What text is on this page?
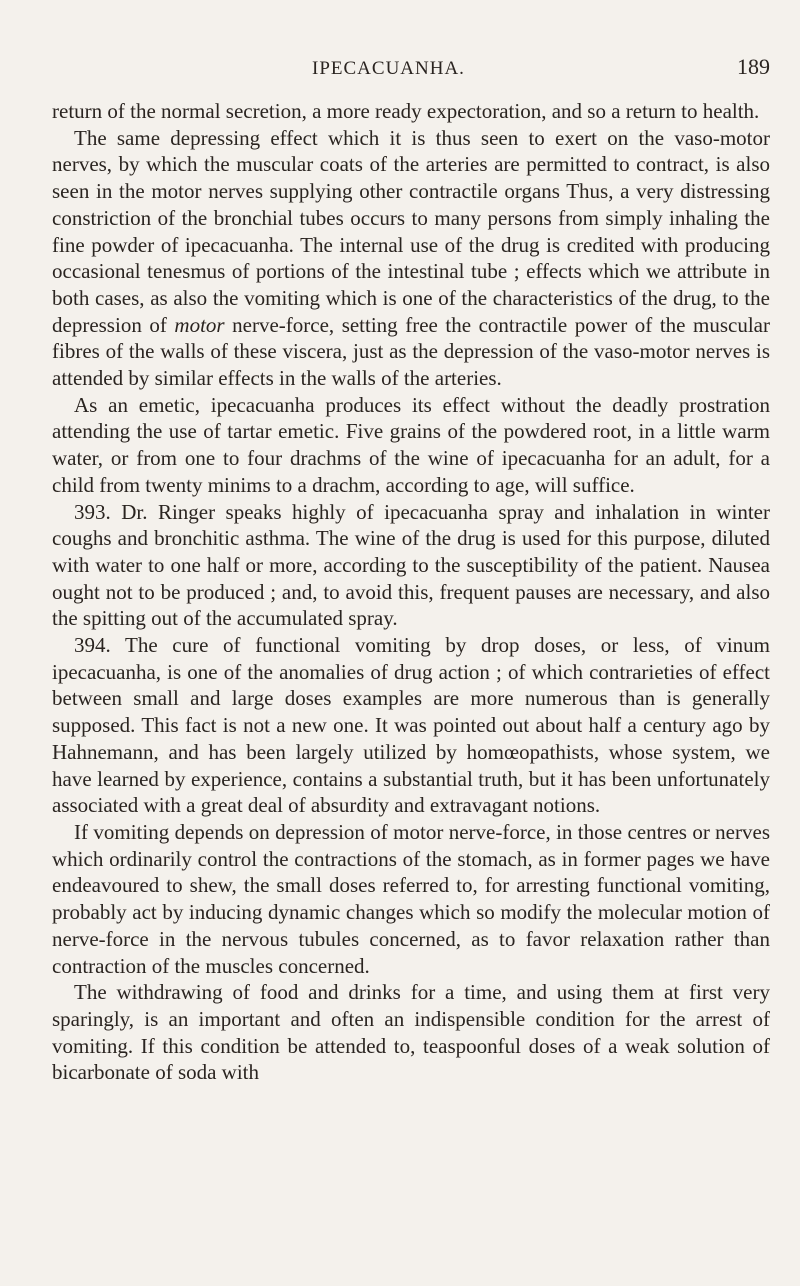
IPECACUANHA.	189

return of the normal secretion, a more ready expectoration, and so a return to health.

The same depressing effect which it is thus seen to exert on the vaso-motor nerves, by which the muscular coats of the arteries are permitted to contract, is also seen in the motor nerves supplying other contractile organs Thus, a very distressing constriction of the bronchial tubes occurs to many persons from simply inhaling the fine powder of ipecacuanha. The internal use of the drug is credited with producing occasional tenesmus of portions of the intestinal tube ; effects which we attribute in both cases, as also the vomiting which is one of the characteristics of the drug, to the depression of motor nerve-force, setting free the contractile power of the muscular fibres of the walls of these viscera, just as the depression of the vaso-motor nerves is attended by similar effects in the walls of the arteries.

As an emetic, ipecacuanha produces its effect without the deadly prostration attending the use of tartar emetic. Five grains of the powdered root, in a little warm water, or from one to four drachms of the wine of ipecacuanha for an adult, for a child from twenty minims to a drachm, according to age, will suffice.

393. Dr. Ringer speaks highly of ipecacuanha spray and inhalation in winter coughs and bronchitic asthma. The wine of the drug is used for this purpose, diluted with water to one half or more, according to the susceptibility of the patient. Nausea ought not to be produced ; and, to avoid this, frequent pauses are necessary, and also the spitting out of the accumulated spray.

394. The cure of functional vomiting by drop doses, or less, of vinum ipecacuanha, is one of the anomalies of drug action ; of which contrarieties of effect between small and large doses examples are more numerous than is generally supposed. This fact is not a new one. It was pointed out about half a century ago by Hahnemann, and has been largely utilized by homœopathists, whose system, we have learned by experience, contains a substantial truth, but it has been unfortunately associated with a great deal of absurdity and extravagant notions.

If vomiting depends on depression of motor nerve-force, in those centres or nerves which ordinarily control the contractions of the stomach, as in former pages we have endeavoured to shew, the small doses referred to, for arresting functional vomiting, probably act by inducing dynamic changes which so modify the molecular motion of nerve-force in the nervous tubules concerned, as to favor relaxation rather than contraction of the muscles concerned.

The withdrawing of food and drinks for a time, and using them at first very sparingly, is an important and often an indispensible condition for the arrest of vomiting. If this condition be attended to, teaspoonful doses of a weak solution of bicarbonate of soda with
